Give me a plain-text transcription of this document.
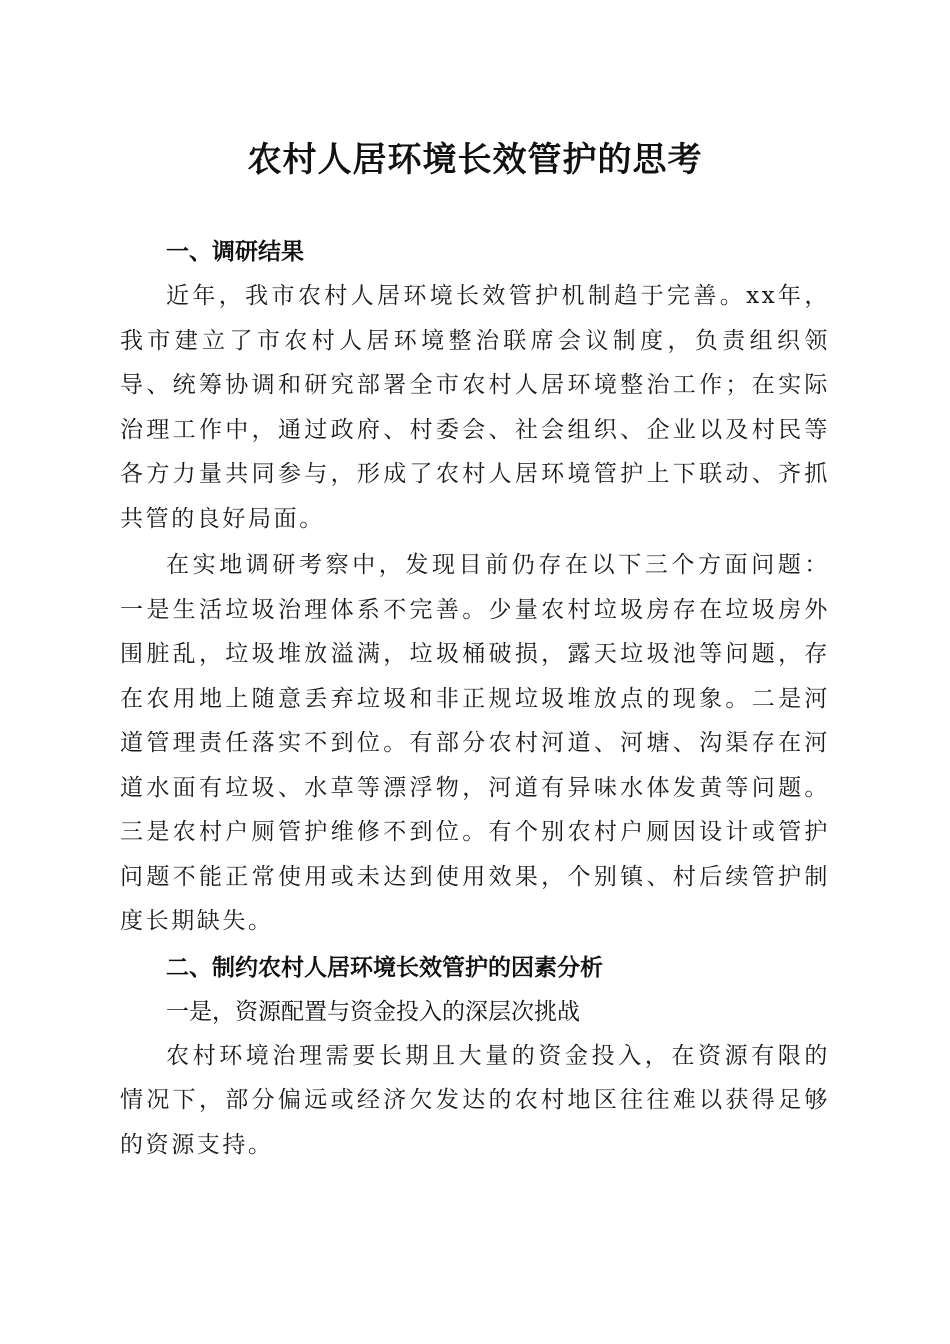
农村人居环境长效管护的思考

一、调研结果

近年，我市农村人居环境长效管护机制趋于完善。xx年，我市建立了市农村人居环境整治联席会议制度，负责组织领导、统筹协调和研究部署全市农村人居环境整治工作；在实际治理工作中，通过政府、村委会、社会组织、企业以及村民等各方力量共同参与，形成了农村人居环境管护上下联动、齐抓共管的良好局面。

在实地调研考察中，发现目前仍存在以下三个方面问题：一是生活垃圾治理体系不完善。少量农村垃圾房存在垃圾房外围脏乱，垃圾堆放溢满，垃圾桶破损，露天垃圾池等问题，存在农用地上随意丢弃垃圾和非正规垃圾堆放点的现象。二是河道管理责任落实不到位。有部分农村河道、河塘、沟渠存在河道水面有垃圾、水草等漂浮物，河道有异味水体发黄等问题。三是农村户厕管护维修不到位。有个别农村户厕因设计或管护问题不能正常使用或未达到使用效果，个别镇、村后续管护制度长期缺失。

二、制约农村人居环境长效管护的因素分析

一是，资源配置与资金投入的深层次挑战

农村环境治理需要长期且大量的资金投入，在资源有限的情况下，部分偏远或经济欠发达的农村地区往往难以获得足够的资源支持。
